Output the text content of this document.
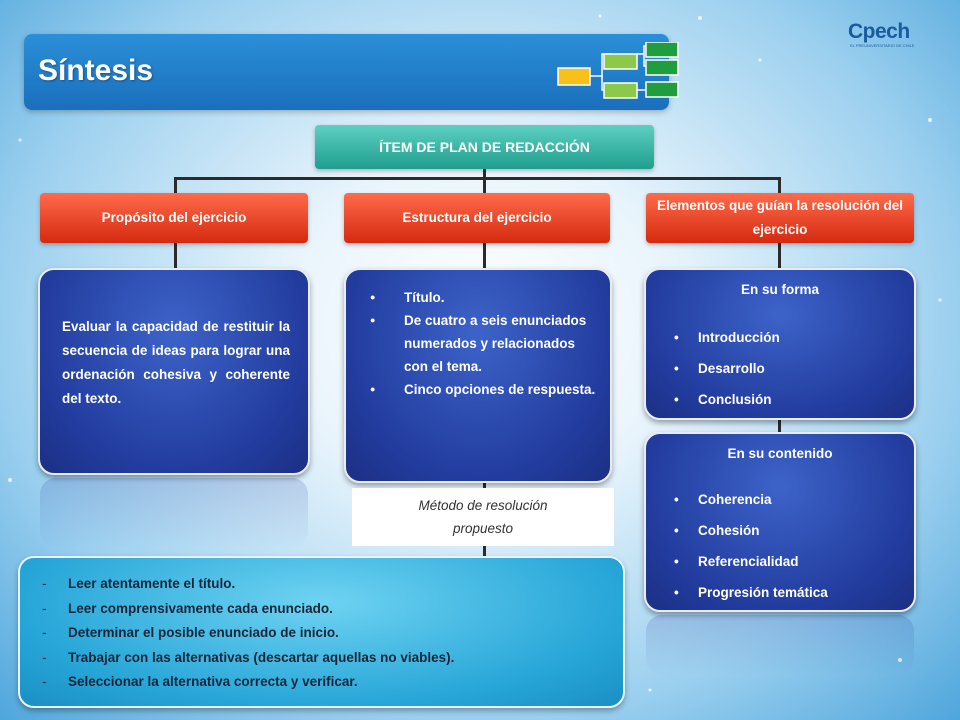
Síntesis
Cpech
EL PREUNIVERSITARIO DE CHILE
ÍTEM DE PLAN DE REDACCIÓN
Propósito del ejercicio	Estructura del ejercicio
Elementos que guían la resolución del ejercicio
Evaluar la capacidad de restituir la secuencia de ideas para lograr una ordenación cohesiva y coherente del texto.
● Título.
● De cuatro a seis enunciados numerados y relacionados con el tema.
● Cinco opciones de respuesta.
En su forma
• Introducción
• Desarrollo
• Conclusión
En su contenido
• Coherencia
• Cohesión
• Referencialidad
• Progresión temática
Método de resolución
propuesto
- Leer atentamente el título.
- Leer comprensivamente cada enunciado.
- Determinar el posible enunciado de inicio.
- Trabajar con las alternativas (descartar aquellas no viables).
- Seleccionar la alternativa correcta y verificar.
